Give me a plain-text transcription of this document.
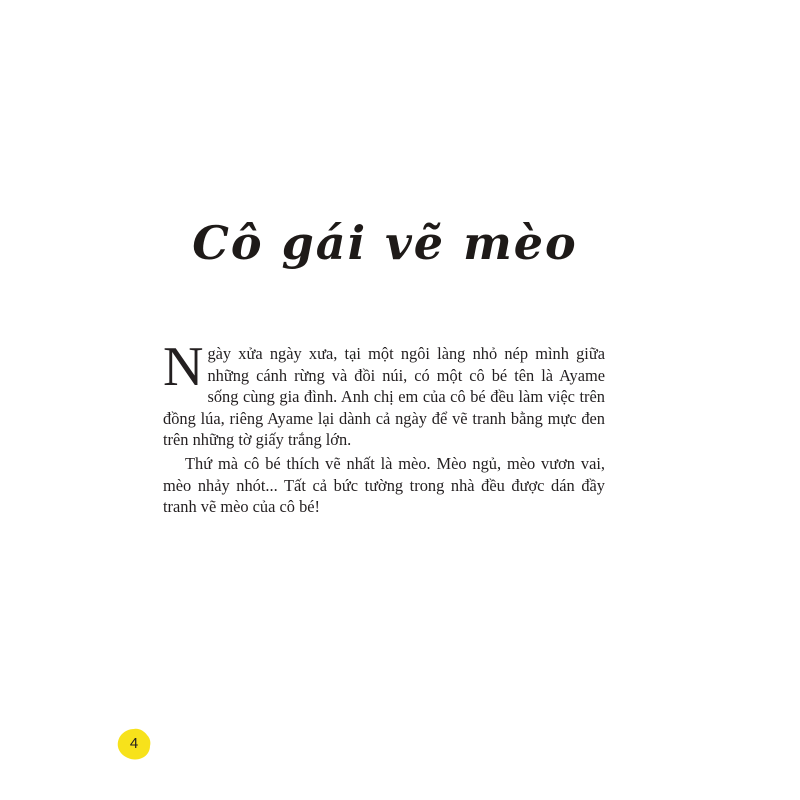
Cô gái vẽ mèo

Ngày xửa ngày xưa, tại một ngôi làng nhỏ nép mình giữa những cánh rừng và đồi núi, có một cô bé tên là Ayame sống cùng gia đình. Anh chị em của cô bé đều làm việc trên đồng lúa, riêng Ayame lại dành cả ngày để vẽ tranh bằng mực đen trên những tờ giấy trắng lớn.

Thứ mà cô bé thích vẽ nhất là mèo. Mèo ngủ, mèo vươn vai, mèo nhảy nhót... Tất cả bức tường trong nhà đều được dán đầy tranh vẽ mèo của cô bé!

4
